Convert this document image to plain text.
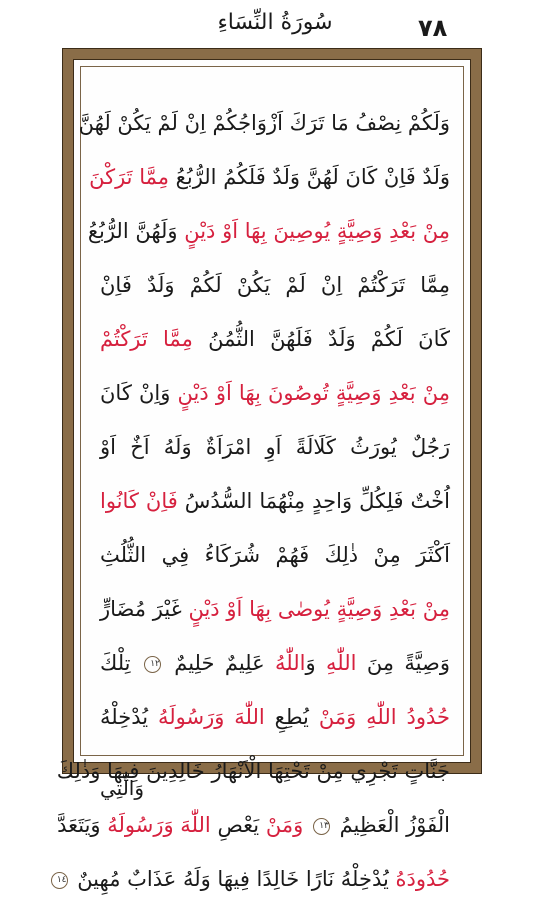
٧٨
سُورَةُ النِّسَاءِ
وَلَكُمْ نِصْفُ مَا تَرَكَ اَزْوَاجُكُمْ اِنْ لَمْ يَكُنْ لَهُنَّ
وَلَدٌ فَاِنْ كَانَ لَهُنَّ وَلَدٌ فَلَكُمُ الرُّبُعُ مِمَّا تَرَكْنَ
مِنْ بَعْدِ وَصِيَّةٍ يُوصِينَ بِهَا اَوْ دَيْنٍ وَلَهُنَّ الرُّبُعُ
مِمَّا تَرَكْتُمْ اِنْ لَمْ يَكُنْ لَكُمْ وَلَدٌ فَاِنْ
كَانَ لَكُمْ وَلَدٌ فَلَهُنَّ الثُّمُنُ مِمَّا تَرَكْتُمْ
مِنْ بَعْدِ وَصِيَّةٍ تُوصُونَ بِهَا اَوْ دَيْنٍ وَاِنْ كَانَ
رَجُلٌ يُورَثُ كَلَالَةً اَوِ امْرَاَةٌ وَلَهُ اَخٌ اَوْ
اُخْتٌ فَلِكُلِّ وَاحِدٍ مِنْهُمَا السُّدُسُ فَاِنْ كَانُوا
اَكْثَرَ مِنْ ذٰلِكَ فَهُمْ شُرَكَاءُ فِي الثُّلُثِ
مِنْ بَعْدِ وَصِيَّةٍ يُوصٰى بِهَا اَوْ دَيْنٍ غَيْرَ مُضَارٍّ
وَصِيَّةً مِنَ اللّٰهِ وَاللّٰهُ عَلِيمٌ حَلِيمٌ ١٢ تِلْكَ
حُدُودُ اللّٰهِ وَمَنْ يُطِعِ اللّٰهَ وَرَسُولَهُ يُدْخِلْهُ
جَنَّاتٍ تَجْرِي مِنْ تَحْتِهَا الْاَنْهَارُ خَالِدِينَ فِيهَا وَذٰلِكَ
الْفَوْزُ الْعَظِيمُ ١٣ وَمَنْ يَعْصِ اللّٰهَ وَرَسُولَهُ وَيَتَعَدَّ
حُدُودَهُ يُدْخِلْهُ نَارًا خَالِدًا فِيهَا وَلَهُ عَذَابٌ مُهِينٌ ١٤
وَالّٰتِي
